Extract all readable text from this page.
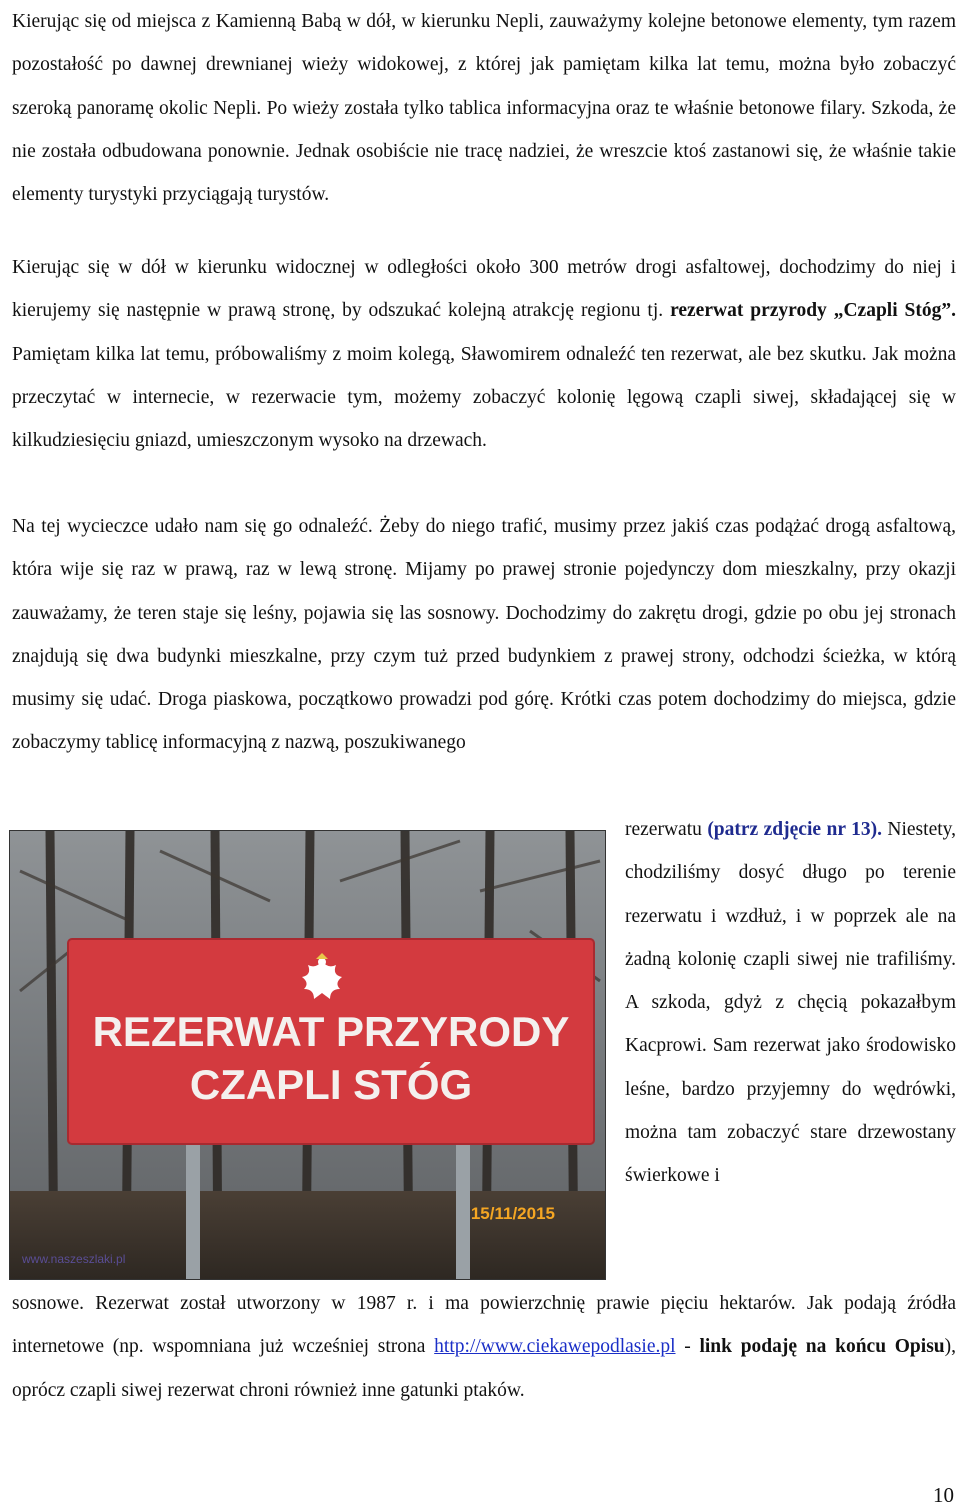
Kierując się od miejsca z Kamienną Babą w dół, w kierunku Nepli, zauważymy kolejne betonowe elementy, tym razem pozostałość po dawnej drewnianej wieży widokowej, z której jak pamiętam kilka lat temu, można było zobaczyć szeroką panoramę okolic Nepli. Po wieży została tylko tablica informacyjna oraz te właśnie betonowe filary. Szkoda, że nie została odbudowana ponownie. Jednak osobiście nie tracę nadziei, że wreszcie ktoś zastanowi się, że właśnie takie elementy turystyki przyciągają turystów.

Kierując się w dół w kierunku widocznej w odległości około 300 metrów drogi asfaltowej, dochodzimy do niej i kierujemy się następnie w prawą stronę, by odszukać kolejną atrakcję regionu tj. rezerwat przyrody „Czapli Stóg”. Pamiętam kilka lat temu, próbowaliśmy z moim kolegą, Sławomirem odnaleźć ten rezerwat, ale bez skutku. Jak można przeczytać w internecie, w rezerwacie tym, możemy zobaczyć kolonię lęgową czapli siwej, składającej się w kilkudziesięciu gniazd, umieszczonym wysoko na drzewach.

Na tej wycieczce udało nam się go odnaleźć. Żeby do niego trafić, musimy przez jakiś czas podążać drogą asfaltową, która wije się raz w prawą, raz w lewą stronę. Mijamy po prawej stronie pojedynczy dom mieszkalny, przy okazji zauważamy, że teren staje się leśny, pojawia się las sosnowy. Dochodzimy do zakrętu drogi, gdzie po obu jej stronach znajdują się dwa budynki mieszkalne, przy czym tuż przed budynkiem z prawej strony, odchodzi ścieżka, w którą musimy się udać. Droga piaskowa, początkowo prowadzi pod górę. Krótki czas potem dochodzimy do miejsca, gdzie zobaczymy tablicę informacyjną z nazwą, poszukiwanego

rezerwatu (patrz zdjęcie nr 13). Niestety, chodziliśmy dosyć długo po terenie rezerwatu i wzdłuż, i w poprzek ale na żadną kolonię czapli siwej nie trafiliśmy. A szkoda, gdyż z chęcią pokazałbym Kacprowi. Sam rezerwat jako środowisko leśne, bardzo przyjemny do wędrówki, można tam zobaczyć stare drzewostany świerkowe i

sosnowe. Rezerwat został utworzony w 1987 r. i ma powierzchnię prawie pięciu hektarów. Jak podają źródła internetowe (np. wspomniana już wcześniej strona http://www.ciekawepodlasie.pl - link podaję na końcu Opisu), oprócz czapli siwej rezerwat chroni również inne gatunki ptaków.

REZERWAT PRZYRODY
CZAPLI STÓG
15/11/2015
www.naszeszlaki.pl
10
